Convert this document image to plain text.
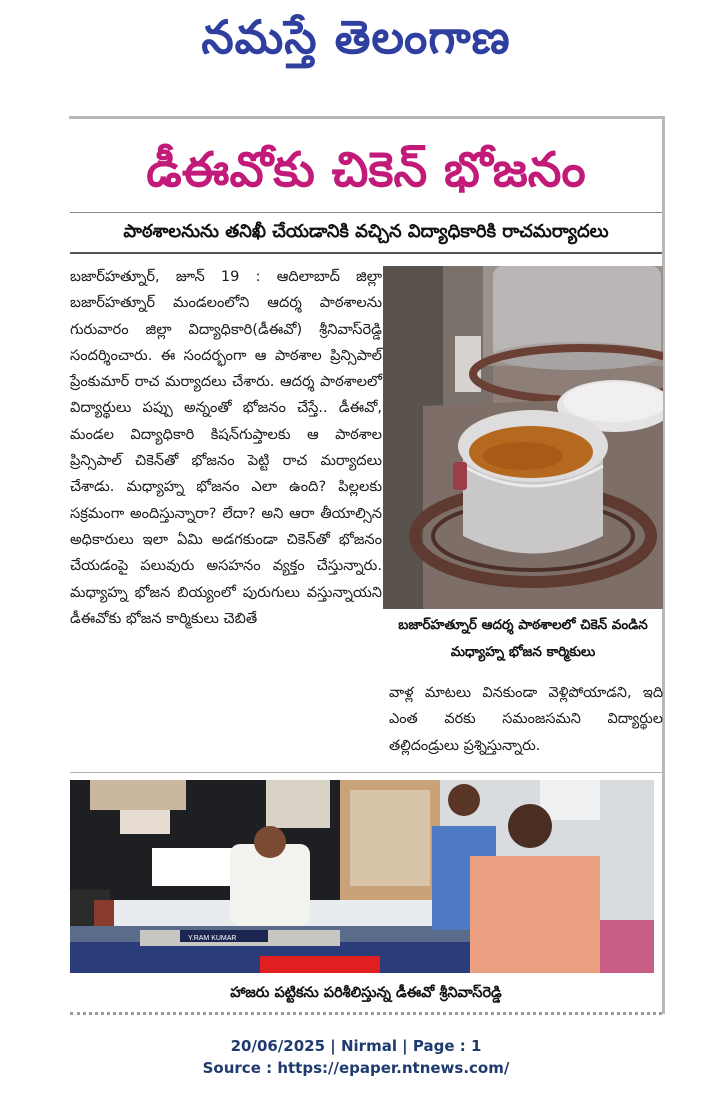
నమస్తే తెలంగాణ
డీఈవోకు చికెన్ భోజనం
పాఠశాలనును తనిఖీ చేయడానికి వచ్చిన విద్యాధికారికి రాచమర్యాదలు
బజార్‌హత్నూర్, జూన్ 19 : ఆదిలాబాద్ జిల్లా బజార్‌హత్నూర్ మండలంలోని ఆదర్శ పాఠశాలను గురువారం జిల్లా విద్యాధికారి(డీఈవో) శ్రీనివాస్‌రెడ్డి సందర్శించారు. ఈ సందర్భంగా ఆ పాఠశాల ప్రిన్సిపాల్ ప్రేంకుమార్ రాచ మర్యాదలు చేశారు. ఆదర్శ పాఠశాలలో విద్యార్థులు పప్పు అన్నంతో భోజనం చేస్తే.. డీఈవో, మండల విద్యాధికారి కిషన్‌గుప్తాలకు ఆ పాఠశాల ప్రిన్సిపాల్ చికెన్‌తో భోజనం పెట్టి రాచ మర్యాదలు చేశాడు. మధ్యాహ్న భోజనం ఎలా ఉంది? పిల్లలకు సక్రమంగా అందిస్తున్నారా? లేదా? అని ఆరా తీయాల్సిన అధికారులు ఇలా ఏమి అడగకుండా చికెన్‌తో భోజనం చేయడంపై పలువురు అసహనం వ్యక్తం చేస్తున్నారు. మధ్యాహ్న భోజన బియ్యంలో పురుగులు వస్తున్నాయని డీఈవోకు భోజన కార్మికులు చెబితే	బజార్‌హత్నూర్ ఆదర్శ పాఠశాలలో చికెన్ వండిన మధ్యాహ్న భోజన కార్మికులు
వాళ్ల మాటలు వినకుండా వెళ్లిపోయాడని, ఇది ఎంత వరకు సమంజసమని విద్యార్థుల తల్లిదండ్రులు ప్రశ్నిస్తున్నారు.
Y.RAM KUMAR
హాజరు పట్టికను పరిశీలిస్తున్న డీఈవో శ్రీనివాస్‌రెడ్డి
20/06/2025 | Nirmal | Page : 1
Source : https://epaper.ntnews.com/
